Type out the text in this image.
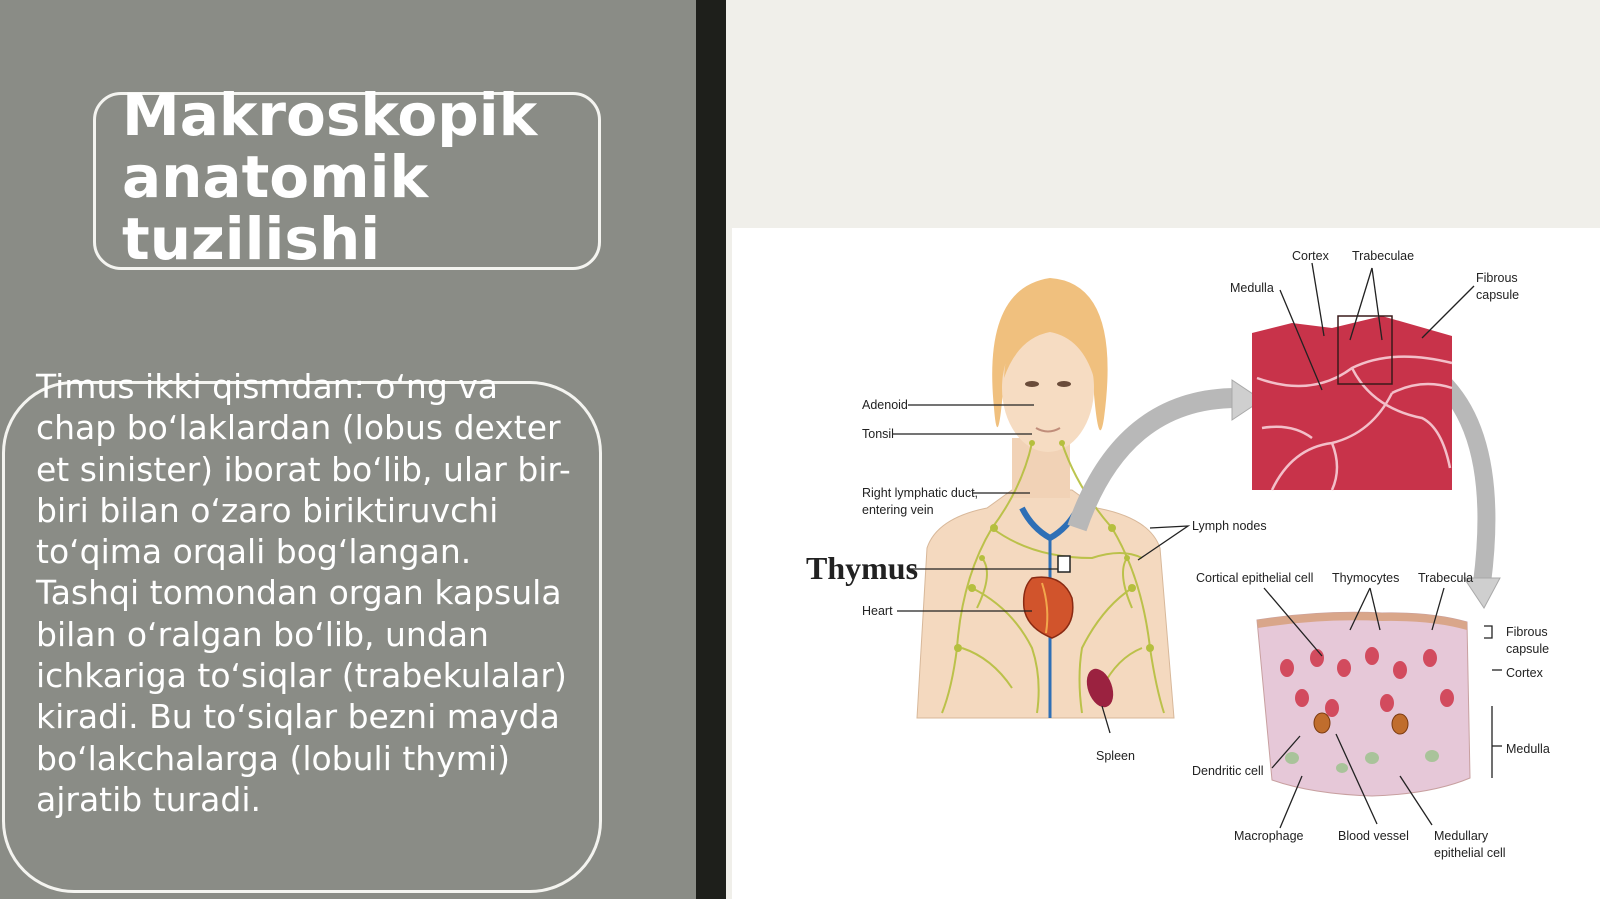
Makroskopik anatomik tuzilishi

Timus ikki qismdan: o‘ng va chap bo‘laklardan (lobus dexter et sinister) iborat bo‘lib, ular bir-biri bilan o‘zaro biriktiruvchi to‘qima orqali bog‘langan. Tashqi tomondan organ kapsula bilan o‘ralgan bo‘lib, undan ichkariga to‘siqlar (trabekulalar) kiradi. Bu to‘siqlar bezni mayda bo‘lakchalarga (lobuli thymi) ajratib turadi.

Adenoid
Tonsil
Right lymphatic duct,
entering vein
Thymus
Heart
Lymph nodes
Spleen
Cortex Trabeculae
Medulla
Fibrous
capsule
Cortical epithelial cell Thymocytes Trabecula
Fibrous
capsule
Cortex
Medulla
Dendritic cell
Macrophage	Blood vessel Medullary
epithelial cell
